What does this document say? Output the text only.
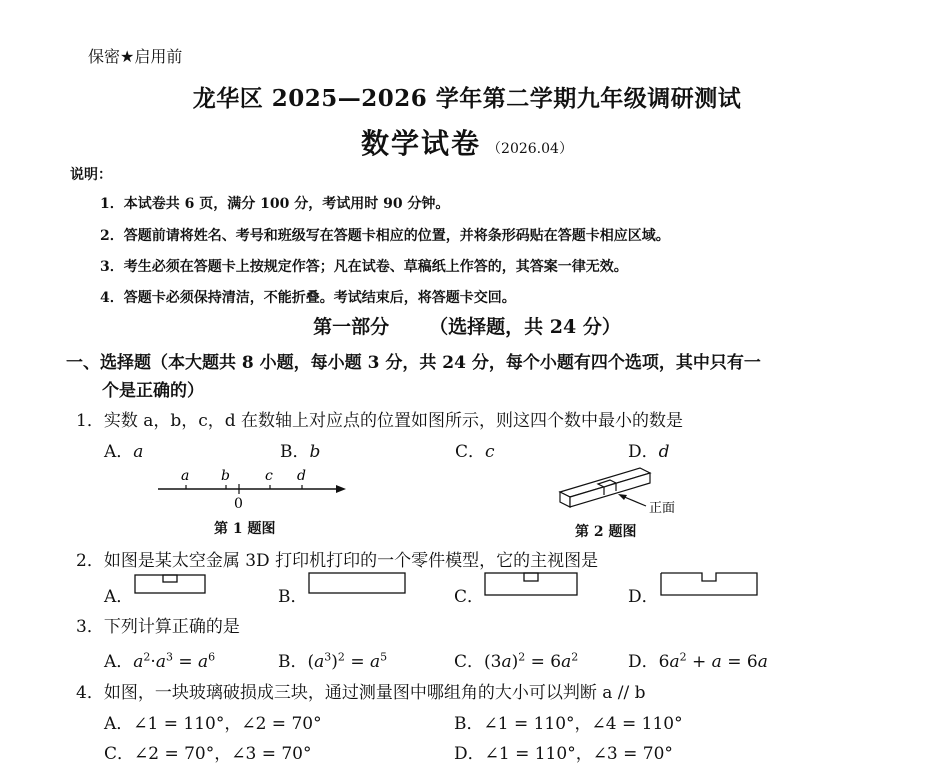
保密★启用前
龙华区 2025—2026 学年第二学期九年级调研测试
数学试卷 （2026.04）
说明：
1．本试卷共 6 页，满分 100 分，考试用时 90 分钟。
2．答题前请将姓名、考号和班级写在答题卡相应的位置，并将条形码贴在答题卡相应区域。
3．考生必须在答题卡上按规定作答；凡在试卷、草稿纸上作答的，其答案一律无效。
4．答题卡必须保持清洁，不能折叠。考试结束后，将答题卡交回。
第一部分 （选择题，共 24 分）
一、选择题（本大题共 8 小题，每小题 3 分，共 24 分，每个小题有四个选项，其中只有一
个是正确的）
1．实数 a，b，c，d 在数轴上对应点的位置如图所示，则这四个数中最小的数是
A．a	B．b	C．c	D．d
a b	c d
0
第 1 题图
正面
第 2 题图
2．如图是某太空金属 3D 打印机打印的一个零件模型，它的主视图是
A．	B．	C．	D．
3．下列计算正确的是
A．$a^2\cdot a^3 = a^6$	B．$(a^3)^2 = a^5$	C．$(3a)^2 = 6a^2$	D．$6a^2 + a = 6a$
4．如图，一块玻璃破损成三块，通过测量图中哪组角的大小可以判断 a // b
A．∠1 = 110°，∠2 = 70°	B．∠1 = 110°，∠4 = 110°
C．∠2 = 70°，∠3 = 70°	D．∠1 = 110°，∠3 = 70°
